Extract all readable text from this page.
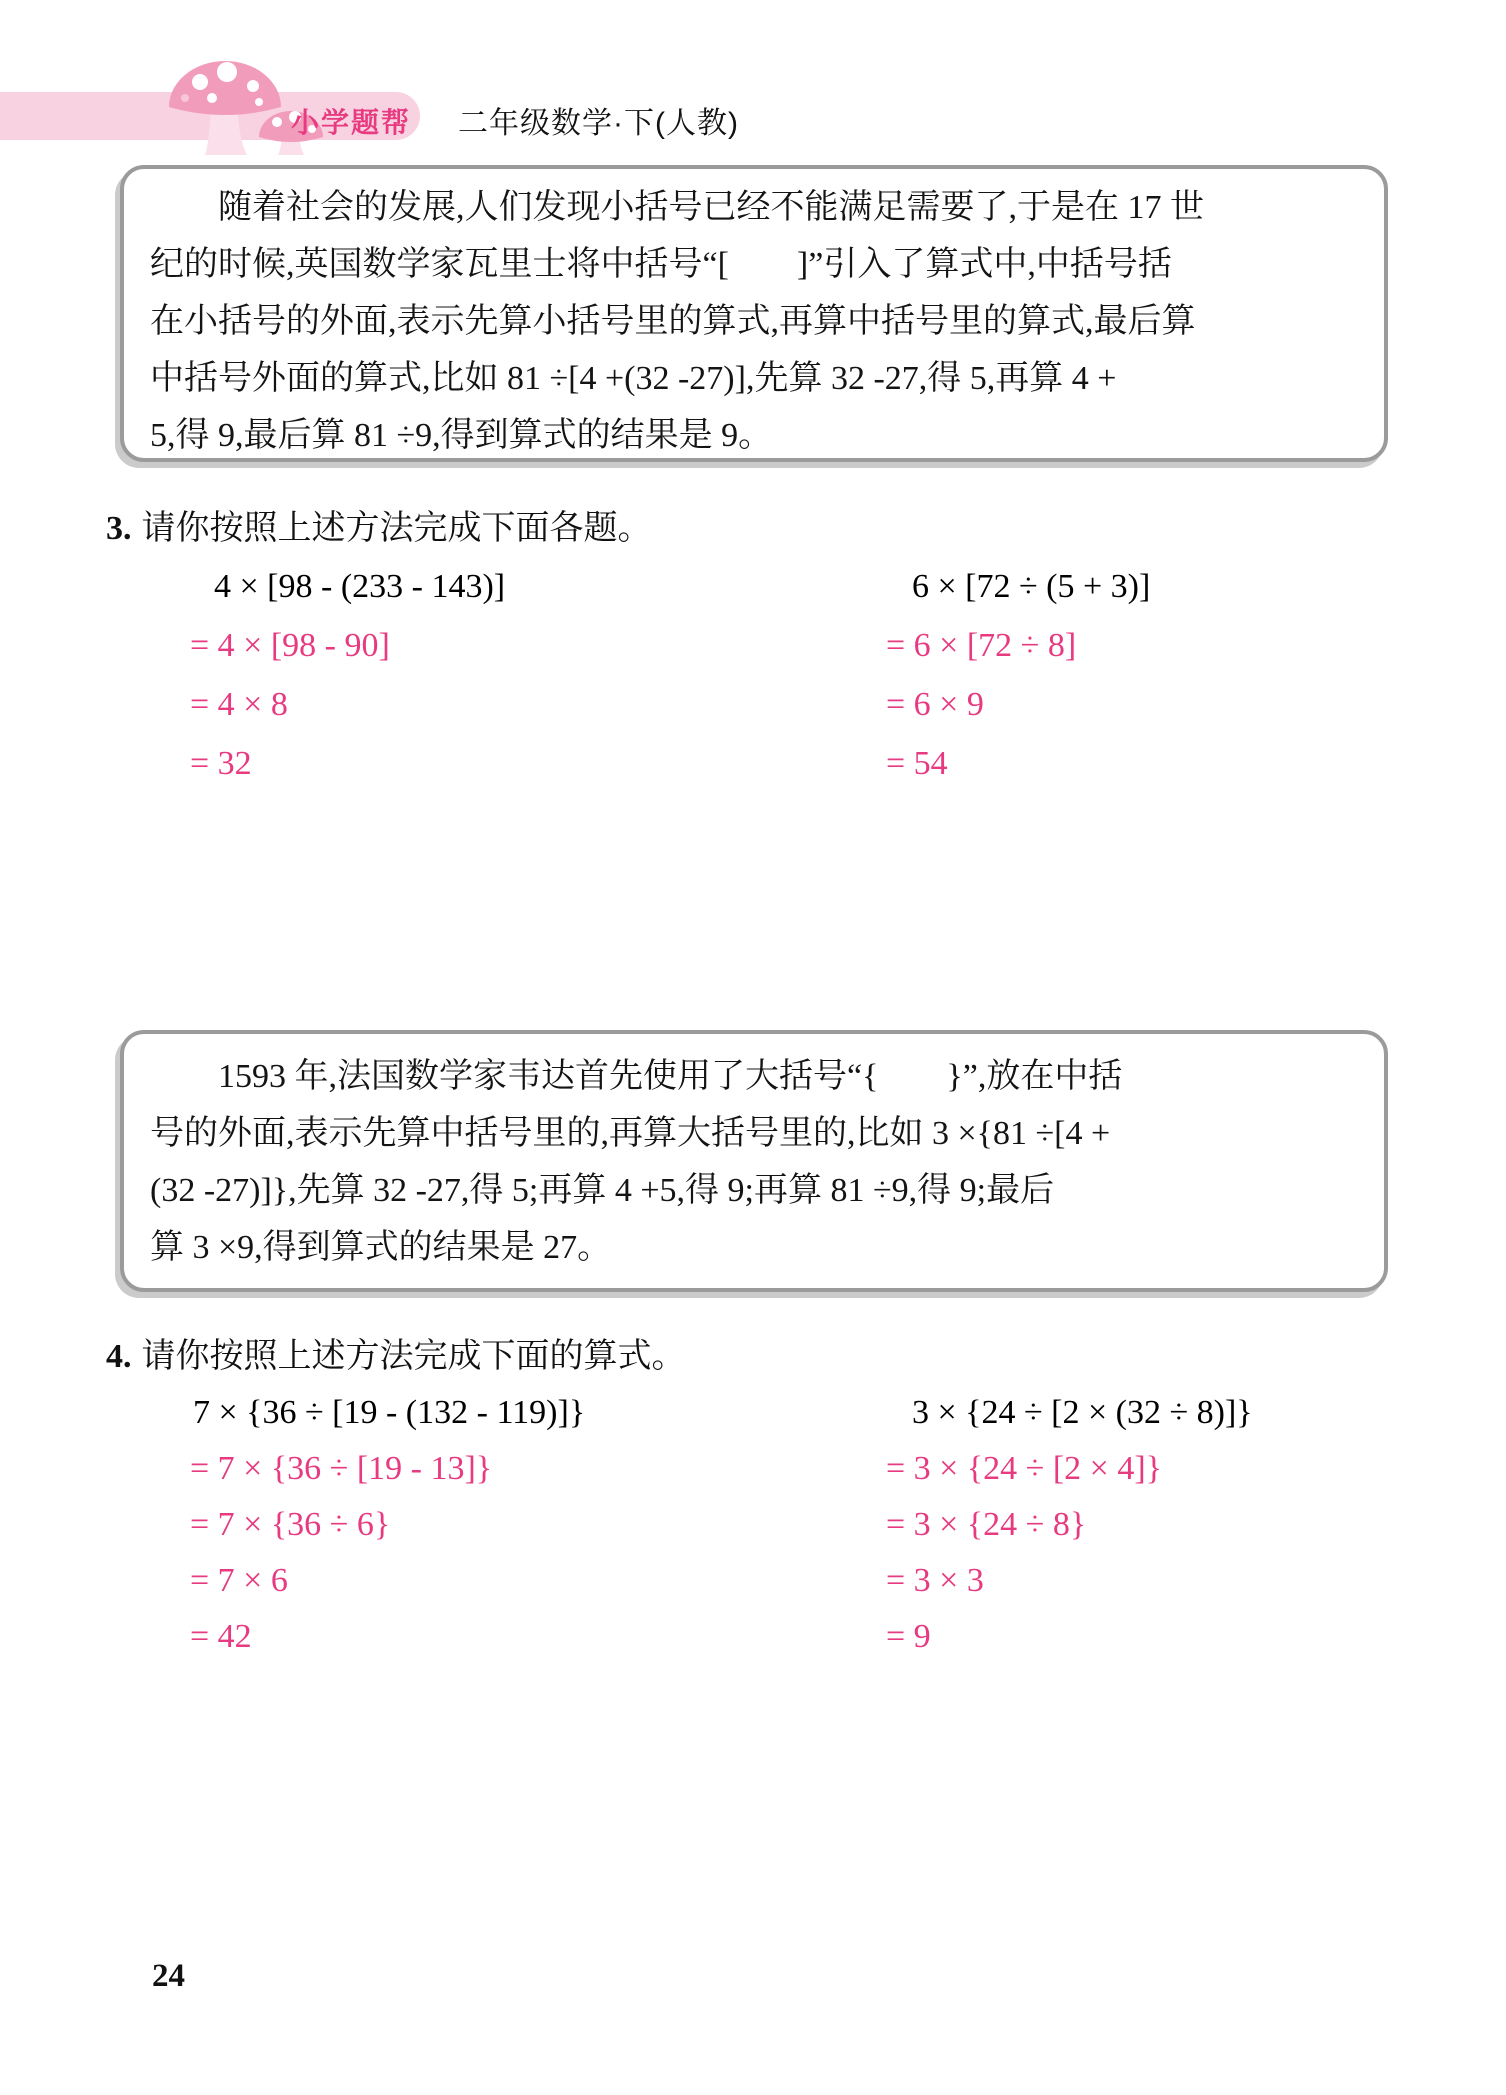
小学题帮 二年级数学·下(人教)
随着社会的发展,人们发现小括号已经不能满足需要了,于是在 17 世
纪的时候,英国数学家瓦里士将中括号“[　　]”引入了算式中,中括号括
在小括号的外面,表示先算小括号里的算式,再算中括号里的算式,最后算
中括号外面的算式,比如 81 ÷[4 +(32 -27)],先算 32 -27,得 5,再算 4 +
5,得 9,最后算 81 ÷9,得到算式的结果是 9。
3. 请你按照上述方法完成下面各题。
4 × [98 - (233 - 143)]
= 4 × [98 - 90]
= 4 × 8
= 32
6 × [72 ÷ (5 + 3)]
= 6 × [72 ÷ 8]
= 6 × 9
= 54
1593 年,法国数学家韦达首先使用了大括号“{　　}”,放在中括
号的外面,表示先算中括号里的,再算大括号里的,比如 3 ×{81 ÷[4 +
(32 -27)]},先算 32 -27,得 5;再算 4 +5,得 9;再算 81 ÷9,得 9;最后
算 3 ×9,得到算式的结果是 27。
4. 请你按照上述方法完成下面的算式。
7 × {36 ÷ [19 - (132 - 119)]}
= 7 × {36 ÷ [19 - 13]}
= 7 × {36 ÷ 6}
= 7 × 6
= 42
3 × {24 ÷ [2 × (32 ÷ 8)]}
= 3 × {24 ÷ [2 × 4]}
= 3 × {24 ÷ 8}
= 3 × 3
= 9
24
